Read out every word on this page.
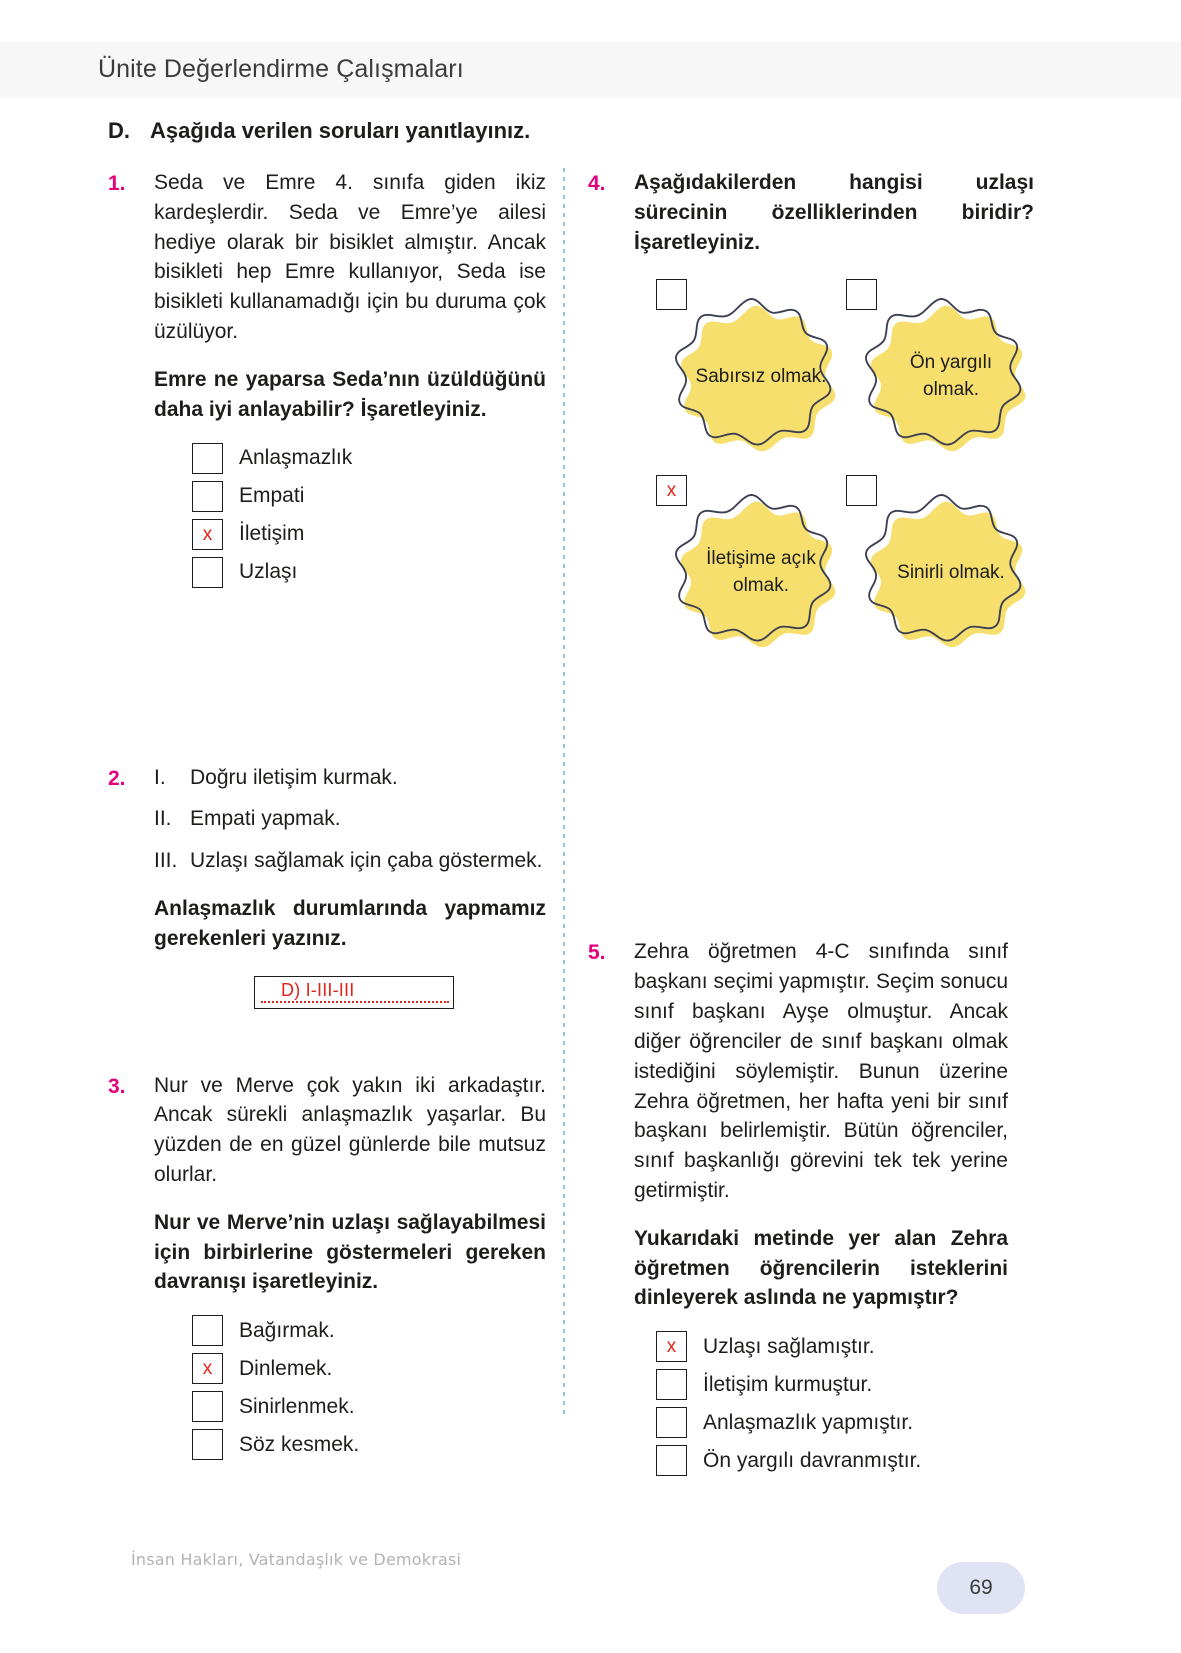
Ünite Değerlendirme Çalışmaları
D. Aşağıda verilen soruları yanıtlayınız.
1.	Seda ve Emre 4. sınıfa giden ikiz kardeşlerdir. Seda ve Emre’ye ailesi hediye olarak bir bisiklet almıştır. Ancak bisikleti hep Emre kullanıyor, Seda ise bisikleti kullanamadığı için bu duruma çok üzülüyor.

Emre ne yaparsa Seda’nın üzüldüğünü daha iyi anlayabilir? İşaretleyiniz.

Anlaşmazlık
Empati
x	İletişim
Uzlaşı
2.	I.	Doğru iletişim kurmak.
II. Empati yapmak.
III. Uzlaşı sağlamak için çaba göstermek.

Anlaşmazlık durumlarında yapmamız gerekenleri yazınız.

D) I-III-III
3.	Nur ve Merve çok yakın iki arkadaştır. Ancak sürekli anlaşmazlık yaşarlar. Bu yüzden de en güzel günlerde bile mutsuz olurlar.

Nur ve Merve’nin uzlaşı sağlayabilmesi için birbirlerine göstermeleri gereken davranışı işaretleyiniz.

Bağırmak.
x	Dinlemek.
Sinirlenmek.
Söz kesmek.
4.	Aşağıdakilerden hangisi uzlaşı sürecinin özelliklerinden biridir? İşaretleyiniz.

Sabırsız olmak.
Ön yargılı olmak.
x
İletişime açık olmak.
Sinirli olmak.
5.	Zehra öğretmen 4-C sınıfında sınıf başkanı seçimi yapmıştır. Seçim sonucu sınıf başkanı Ayşe olmuştur. Ancak diğer öğrenciler de sınıf başkanı olmak istediğini söylemiştir. Bunun üzerine Zehra öğretmen, her hafta yeni bir sınıf başkanı belirlemiştir. Bütün öğrenciler, sınıf başkanlığı görevini tek tek yerine getirmiştir.

Yukarıdaki metinde yer alan Zehra öğretmen öğrencilerin isteklerini dinleyerek aslında ne yapmıştır?

x	Uzlaşı sağlamıştır.
İletişim kurmuştur.
Anlaşmazlık yapmıştır.
Ön yargılı davranmıştır.
İnsan Hakları, Vatandaşlık ve Demokrasi
69
